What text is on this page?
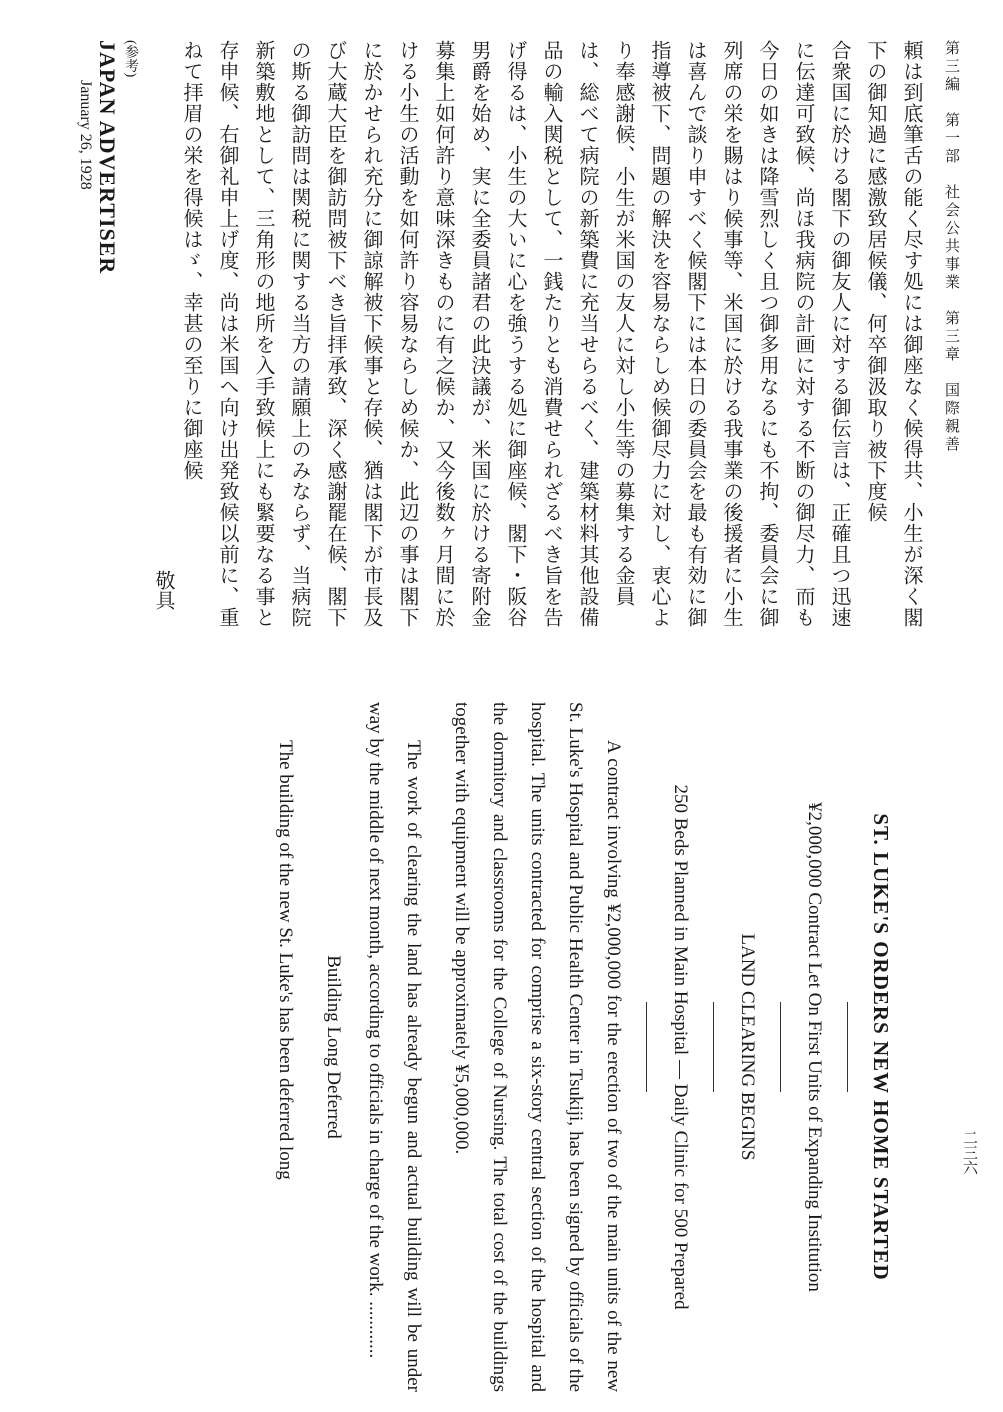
第三編　第一部　社会公共事業　第三章　国際親善

頼は到底筆舌の能く尽す処には御座なく候得共、小生が深く閣下の御知過に感激致居候儀、何卒御汲取り被下度候

合衆国に於ける閣下の御友人に対する御伝言は、正確且つ迅速に伝達可致候、尚ほ我病院の計画に対する不断の御尽力、而も今日の如きは降雪烈しく且つ御多用なるにも不拘、委員会に御列席の栄を賜はり候事等、米国に於ける我事業の後援者に小生は喜んで談り申すべく候閣下には本日の委員会を最も有効に御指導被下、問題の解決を容易ならしめ候御尽力に対し、衷心より奉感謝候、小生が米国の友人に対し小生等の募集する金員は、総べて病院の新築費に充当せらるべく、建築材料其他設備品の輸入関税として、一銭たりとも消費せられざるべき旨を告げ得るは、小生の大いに心を強うする処に御座候、閣下・阪谷男爵を始め、実に全委員諸君の此決議が、米国に於ける寄附金募集上如何許り意味深きものに有之候か、又今後数ヶ月間に於ける小生の活動を如何許り容易ならしめ候か、此辺の事は閣下に於かせられ充分に御諒解被下候事と存候、猶は閣下が市長及び大蔵大臣を御訪問被下べき旨拝承致、深く感謝罷在候、閣下の斯る御訪問は関税に関する当方の請願上のみならず、当病院新築敷地として、三角形の地所を入手致候上にも緊要なる事と存申候、右御礼申上げ度、尚は米国へ向け出発致候以前に、重ねて拝眉の栄を得候はゞ、幸甚の至りに御座候

敬具
(参考)
JAPAN ADVERTISER
January 26, 1928
二三六
ST. LUKE'S ORDERS NEW HOME STARTED

¥2,000,000 Contract Let On First Units of Expanding Institution

LAND CLEARING BEGINS

250 Beds Planned in Main Hospital — Daily Clinic for 500 Prepared

A contract involving ¥2,000,000 for the erection of two of the main units of the new St. Luke's Hospital and Public Health Center in Tsukiji, has been signed by officials of the hospital. The units contracted for comprise a six-story central section of the hospital and the dormitory and classrooms for the College of Nursing. The total cost of the buildings together with equipment will be approximately ¥5,000,000.

The work of clearing the land has already begun and actual building will be under way by the middle of next month, according to officials in charge of the work. ............

Building Long Deferred

The building of the new St. Luke's has been deferred long
